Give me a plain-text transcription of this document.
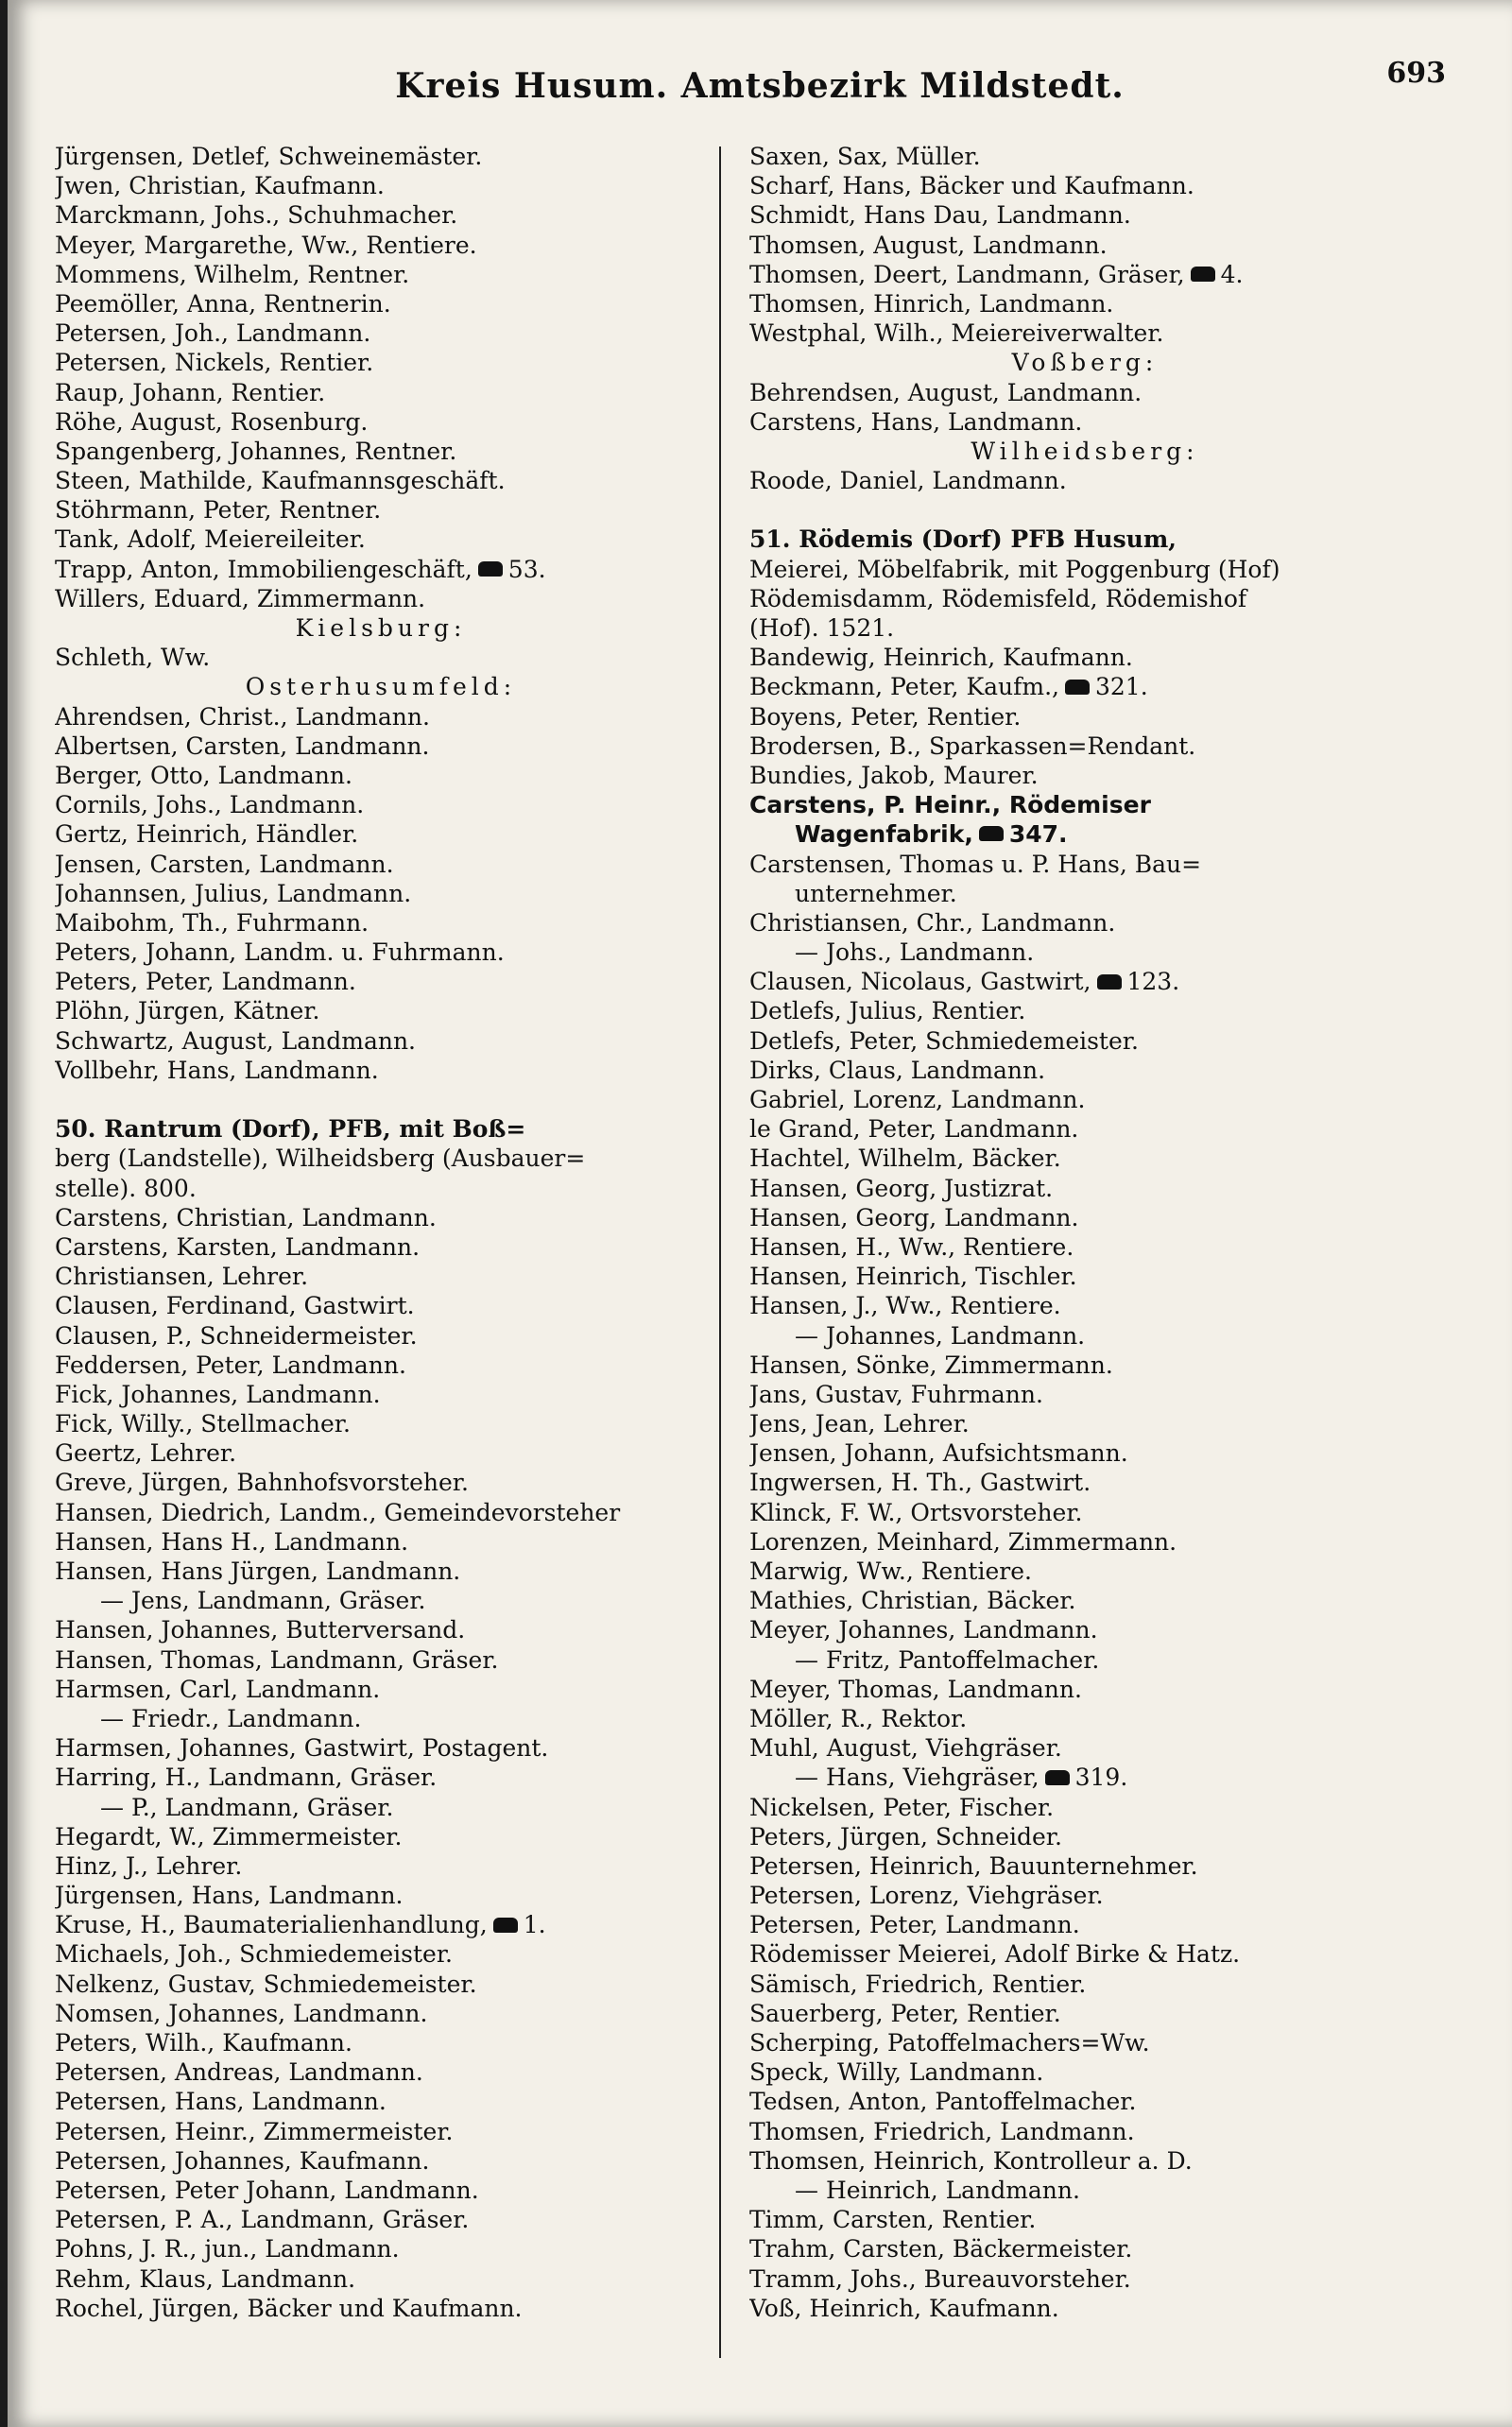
Kreis Husum. Amtsbezirk Mildstedt.	693
Jürgensen, Detlef, Schweinemäster.
Jwen, Christian, Kaufmann.
Marckmann, Johs., Schuhmacher.
Meyer, Margarethe, Ww., Rentiere.
Mommens, Wilhelm, Rentner.
Peemöller, Anna, Rentnerin.
Petersen, Joh., Landmann.
Petersen, Nickels, Rentier.
Raup, Johann, Rentier.
Röhe, August, Rosenburg.
Spangenberg, Johannes, Rentner.
Steen, Mathilde, Kaufmannsgeschäft.
Stöhrmann, Peter, Rentner.
Tank, Adolf, Meiereileiter.
Trapp, Anton, Immobiliengeschäft, 53.
Willers, Eduard, Zimmermann.
Kielsburg:
Schleth, Ww.
Osterhusumfeld:
Ahrendsen, Christ., Landmann.
Albertsen, Carsten, Landmann.
Berger, Otto, Landmann.
Cornils, Johs., Landmann.
Gertz, Heinrich, Händler.
Jensen, Carsten, Landmann.
Johannsen, Julius, Landmann.
Maibohm, Th., Fuhrmann.
Peters, Johann, Landm. u. Fuhrmann.
Peters, Peter, Landmann.
Plöhn, Jürgen, Kätner.
Schwartz, August, Landmann.
Vollbehr, Hans, Landmann.
50. Rantrum (Dorf), PFB, mit Boß=
berg (Landstelle), Wilheidsberg (Ausbauer=
stelle). 800.
Carstens, Christian, Landmann.
Carstens, Karsten, Landmann.
Christiansen, Lehrer.
Clausen, Ferdinand, Gastwirt.
Clausen, P., Schneidermeister.
Feddersen, Peter, Landmann.
Fick, Johannes, Landmann.
Fick, Willy., Stellmacher.
Geertz, Lehrer.
Greve, Jürgen, Bahnhofsvorsteher.
Hansen, Diedrich, Landm., Gemeindevorsteher
Hansen, Hans H., Landmann.
Hansen, Hans Jürgen, Landmann.
— Jens, Landmann, Gräser.
Hansen, Johannes, Butterversand.
Hansen, Thomas, Landmann, Gräser.
Harmsen, Carl, Landmann.
— Friedr., Landmann.
Harmsen, Johannes, Gastwirt, Postagent.
Harring, H., Landmann, Gräser.
— P., Landmann, Gräser.
Hegardt, W., Zimmermeister.
Hinz, J., Lehrer.
Jürgensen, Hans, Landmann.
Kruse, H., Baumaterialienhandlung, 1.
Michaels, Joh., Schmiedemeister.
Nelkenz, Gustav, Schmiedemeister.
Nomsen, Johannes, Landmann.
Peters, Wilh., Kaufmann.
Petersen, Andreas, Landmann.
Petersen, Hans, Landmann.
Petersen, Heinr., Zimmermeister.
Petersen, Johannes, Kaufmann.
Petersen, Peter Johann, Landmann.
Petersen, P. A., Landmann, Gräser.
Pohns, J. R., jun., Landmann.
Rehm, Klaus, Landmann.
Rochel, Jürgen, Bäcker und Kaufmann.
Saxen, Sax, Müller.
Scharf, Hans, Bäcker und Kaufmann.
Schmidt, Hans Dau, Landmann.
Thomsen, August, Landmann.
Thomsen, Deert, Landmann, Gräser, 4.
Thomsen, Hinrich, Landmann.
Westphal, Wilh., Meiereiverwalter.
Voßberg:
Behrendsen, August, Landmann.
Carstens, Hans, Landmann.
Wilheidsberg:
Roode, Daniel, Landmann.
51. Rödemis (Dorf) PFB Husum,
Meierei, Möbelfabrik, mit Poggenburg (Hof)
Rödemisdamm, Rödemisfeld, Rödemishof
(Hof). 1521.
Bandewig, Heinrich, Kaufmann.
Beckmann, Peter, Kaufm., 321.
Boyens, Peter, Rentier.
Brodersen, B., Sparkassen=Rendant.
Bundies, Jakob, Maurer.
Carstens, P. Heinr., Rödemiser
Wagenfabrik, 347.
Carstensen, Thomas u. P. Hans, Bau=
unternehmer.
Christiansen, Chr., Landmann.
— Johs., Landmann.
Clausen, Nicolaus, Gastwirt, 123.
Detlefs, Julius, Rentier.
Detlefs, Peter, Schmiedemeister.
Dirks, Claus, Landmann.
Gabriel, Lorenz, Landmann.
le Grand, Peter, Landmann.
Hachtel, Wilhelm, Bäcker.
Hansen, Georg, Justizrat.
Hansen, Georg, Landmann.
Hansen, H., Ww., Rentiere.
Hansen, Heinrich, Tischler.
Hansen, J., Ww., Rentiere.
— Johannes, Landmann.
Hansen, Sönke, Zimmermann.
Jans, Gustav, Fuhrmann.
Jens, Jean, Lehrer.
Jensen, Johann, Aufsichtsmann.
Ingwersen, H. Th., Gastwirt.
Klinck, F. W., Ortsvorsteher.
Lorenzen, Meinhard, Zimmermann.
Marwig, Ww., Rentiere.
Mathies, Christian, Bäcker.
Meyer, Johannes, Landmann.
— Fritz, Pantoffelmacher.
Meyer, Thomas, Landmann.
Möller, R., Rektor.
Muhl, August, Viehgräser.
— Hans, Viehgräser, 319.
Nickelsen, Peter, Fischer.
Peters, Jürgen, Schneider.
Petersen, Heinrich, Bauunternehmer.
Petersen, Lorenz, Viehgräser.
Petersen, Peter, Landmann.
Rödemisser Meierei, Adolf Birke & Hatz.
Sämisch, Friedrich, Rentier.
Sauerberg, Peter, Rentier.
Scherping, Patoffelmachers=Ww.
Speck, Willy, Landmann.
Tedsen, Anton, Pantoffelmacher.
Thomsen, Friedrich, Landmann.
Thomsen, Heinrich, Kontrolleur a. D.
— Heinrich, Landmann.
Timm, Carsten, Rentier.
Trahm, Carsten, Bäckermeister.
Tramm, Johs., Bureauvorsteher.
Voß, Heinrich, Kaufmann.
